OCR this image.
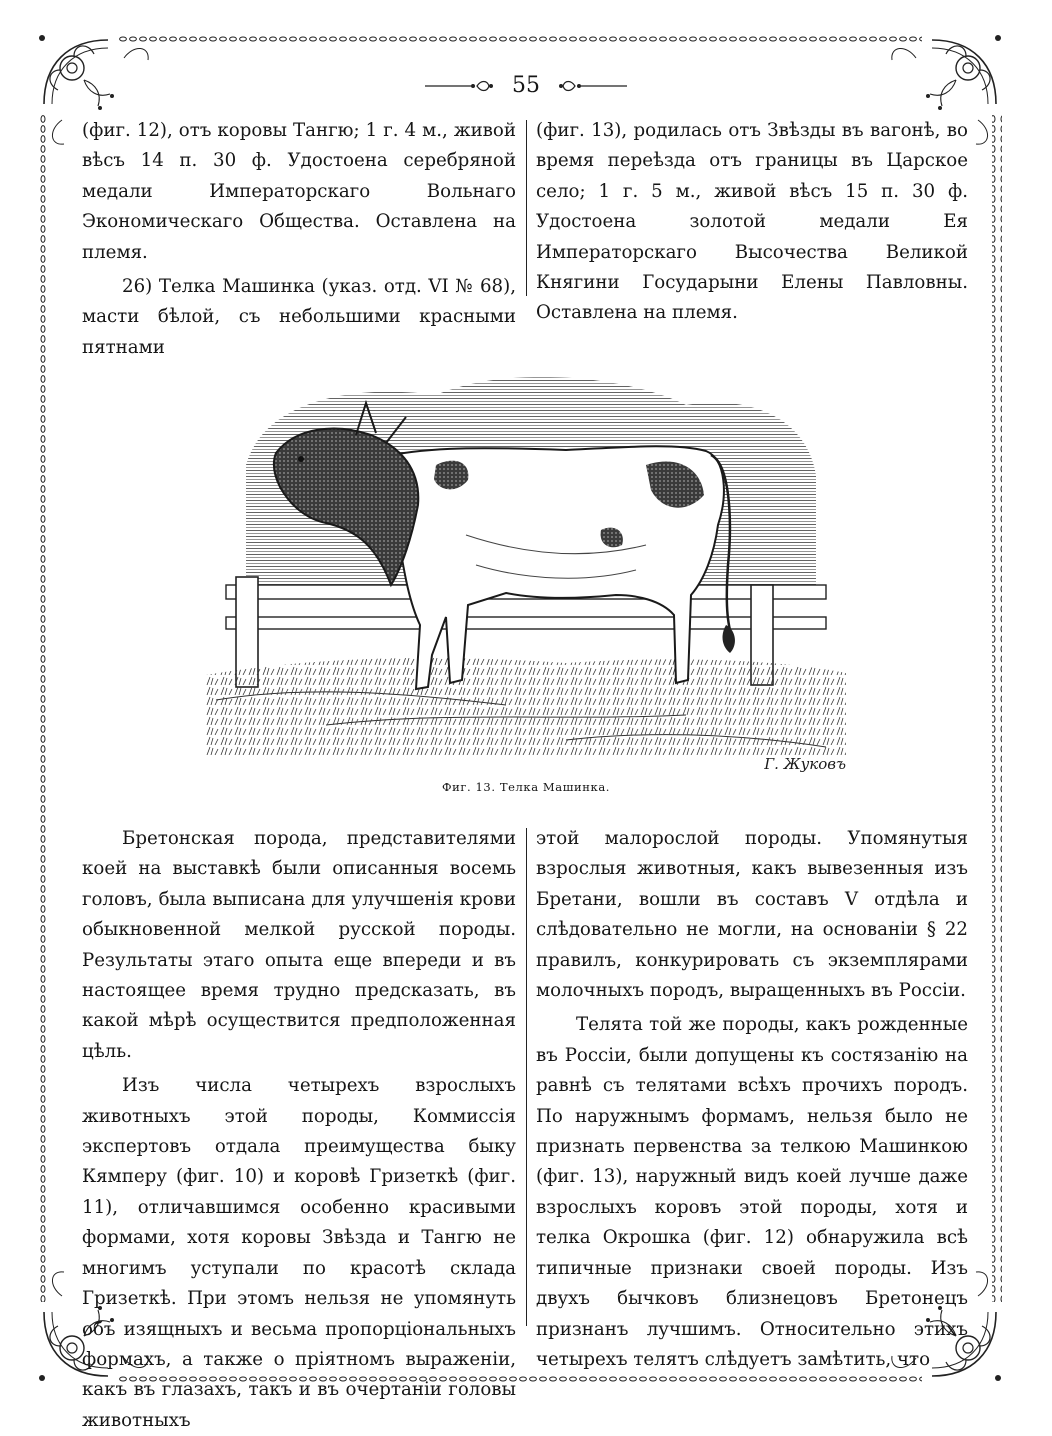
55

(фиг. 12), отъ коровы Тангю; 1 г. 4 м., живой вѣсъ 14 п. 30 ф. Удостоена серебряной медали Императорскаго Вольнаго Экономическаго Общества. Оставлена на племя.

26) Телка Машинка (указ. отд. VI № 68), масти бѣлой, съ небольшими красными пятнами

(фиг. 13), родилась отъ Звѣзды въ вагонѣ, во время переѣзда отъ границы въ Царское село; 1 г. 5 м., живой вѣсъ 15 п. 30 ф. Удостоена золотой медали Ея Императорскаго Высочества Великой Княгини Государыни Елены Павловны. Оставлена на племя.

Г. Жуковъ
Фиг. 13. Телка Машинка.

Бретонская порода, представителями коей на выставкѣ были описанныя восемь головъ, была выписана для улучшенія крови обыкновенной мелкой русской породы. Результаты этаго опыта еще впереди и въ настоящее время трудно предсказать, въ какой мѣрѣ осуществится предположенная цѣль.

Изъ числа четырехъ взрослыхъ животныхъ этой породы, Коммиссія экспертовъ отдала преимущества быку Кямперу (фиг. 10) и коровѣ Гризеткѣ (фиг. 11), отличавшимся особенно красивыми формами, хотя коровы Звѣзда и Тангю не многимъ уступали по красотѣ склада Гризеткѣ. При этомъ нельзя не упомянуть объ изящныхъ и весьма пропорціональныхъ формахъ, а также о пріятномъ выраженіи, какъ въ глазахъ, такъ и въ очертаніи головы животныхъ

этой малорослой породы. Упомянутыя взрослыя животныя, какъ вывезенныя изъ Бретани, вошли въ составъ V отдѣла и слѣдовательно не могли, на основаніи § 22 правилъ, конкурировать съ экземплярами молочныхъ породъ, выращенныхъ въ Россіи.

Телята той же породы, какъ рожденные въ Россіи, были допущены къ состязанію на равнѣ съ телятами всѣхъ прочихъ породъ. По наружнымъ формамъ, нельзя было не признать первенства за телкою Машинкою (фиг. 13), наружный видъ коей лучше даже взрослыхъ коровъ этой породы, хотя и телка Окрошка (фиг. 12) обнаружила всѣ типичные признаки своей породы. Изъ двухъ бычковъ близнецовъ Бретонецъ признанъ лучшимъ. Относительно этихъ четырехъ телятъ слѣдуетъ замѣтить, что
